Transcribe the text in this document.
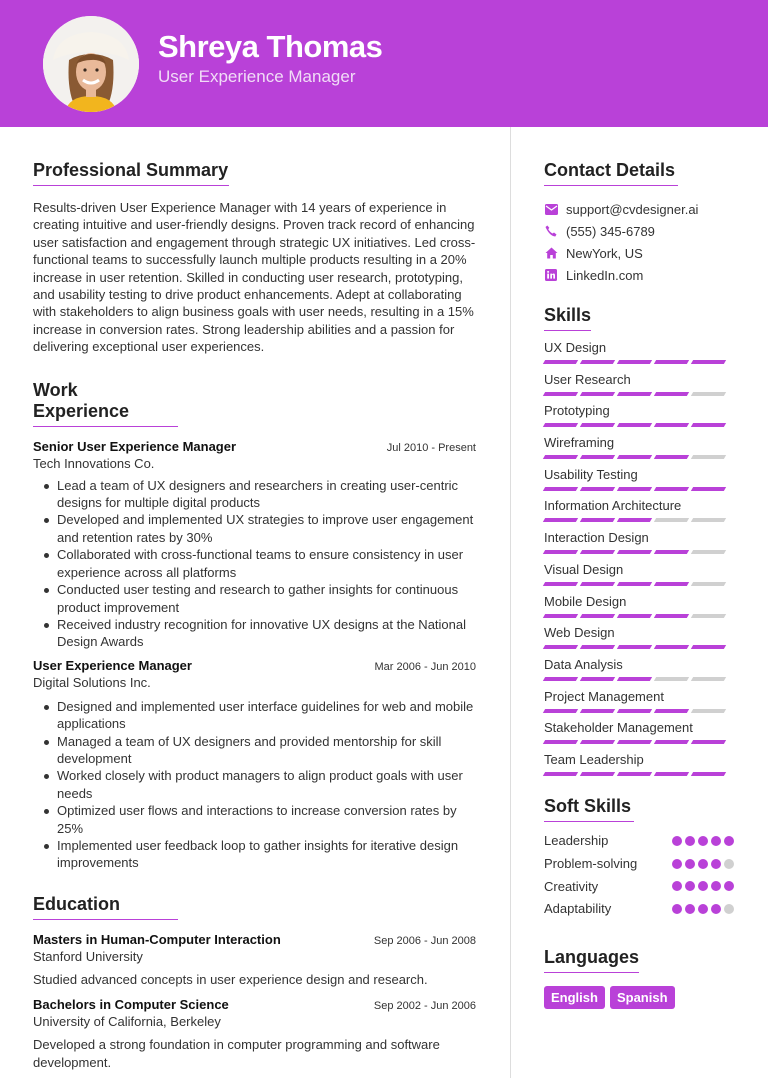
Shreya Thomas
User Experience Manager
Professional Summary

Results-driven User Experience Manager with 14 years of experience in creating intuitive and user-friendly designs. Proven track record of enhancing user satisfaction and engagement through strategic UX initiatives. Led cross-functional teams to successfully launch multiple products resulting in a 20% increase in user retention. Skilled in conducting user research, prototyping, and usability testing to drive product enhancements. Adept at collaborating with stakeholders to align business goals with user needs, resulting in a 15% increase in conversion rates. Strong leadership abilities and a passion for delivering exceptional user experiences.

Work Experience
Senior User Experience Manager	Jul 2010 - Present
Tech Innovations Co.
Lead a team of UX designers and researchers in creating user-centric designs for multiple digital products
Developed and implemented UX strategies to improve user engagement and retention rates by 30%
Collaborated with cross-functional teams to ensure consistency in user experience across all platforms
Conducted user testing and research to gather insights for continuous product improvement
Received industry recognition for innovative UX designs at the National Design Awards
User Experience Manager	Mar 2006 - Jun 2010
Digital Solutions Inc.
Designed and implemented user interface guidelines for web and mobile applications
Managed a team of UX designers and provided mentorship for skill development
Worked closely with product managers to align product goals with user needs
Optimized user flows and interactions to increase conversion rates by 25%
Implemented user feedback loop to gather insights for iterative design improvements
Education
Masters in Human-Computer Interaction	Sep 2006 - Jun 2008
Stanford University

Studied advanced concepts in user experience design and research.

Bachelors in Computer Science	Sep 2002 - Jun 2006
University of California, Berkeley

Developed a strong foundation in computer programming and software development.

Contact Details
support@cvdesigner.ai
(555) 345-6789
NewYork, US
LinkedIn.com
Skills
UX Design
User Research
Prototyping
Wireframing
Usability Testing
Information Architecture
Interaction Design
Visual Design
Mobile Design
Web Design
Data Analysis
Project Management
Stakeholder Management
Team Leadership
Soft Skills
Leadership
Problem-solving
Creativity
Adaptability
Languages
English	Spanish
